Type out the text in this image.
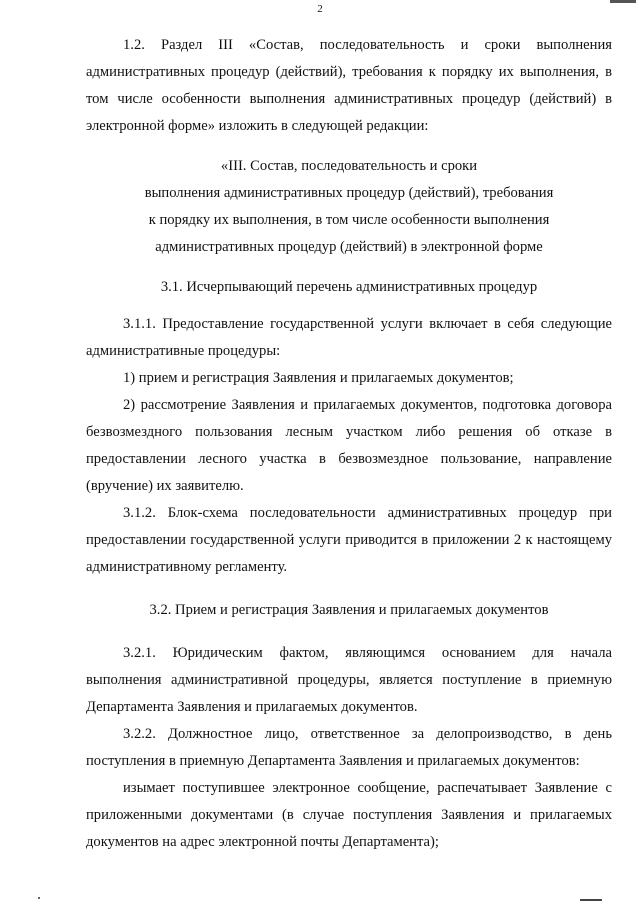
2

1.2. Раздел III «Состав, последовательность и сроки выполнения административных процедур (действий), требования к порядку их выполнения, в том числе особенности выполнения административных процедур (действий) в электронной форме» изложить в следующей редакции:

«III. Состав, последовательность и сроки

выполнения административных процедур (действий), требования

к порядку их выполнения, в том числе особенности выполнения

административных процедур (действий) в электронной форме

3.1. Исчерпывающий перечень административных процедур

3.1.1. Предоставление государственной услуги включает в себя следующие административные процедуры:

1) прием и регистрация Заявления и прилагаемых документов;

2) рассмотрение Заявления и прилагаемых документов, подготовка договора безвозмездного пользования лесным участком либо решения об отказе в предоставлении лесного участка в безвозмездное пользование, направление (вручение) их заявителю.

3.1.2. Блок-схема последовательности административных процедур при предоставлении государственной услуги приводится в приложении 2 к настоящему административному регламенту.

3.2. Прием и регистрация Заявления и прилагаемых документов

3.2.1. Юридическим фактом, являющимся основанием для начала выполнения административной процедуры, является поступление в приемную Департамента Заявления и прилагаемых документов.

3.2.2. Должностное лицо, ответственное за делопроизводство, в день поступления в приемную Департамента Заявления и прилагаемых документов:

изымает поступившее электронное сообщение, распечатывает Заявление с приложенными документами (в случае поступления Заявления и прилагаемых документов на адрес электронной почты Департамента);
